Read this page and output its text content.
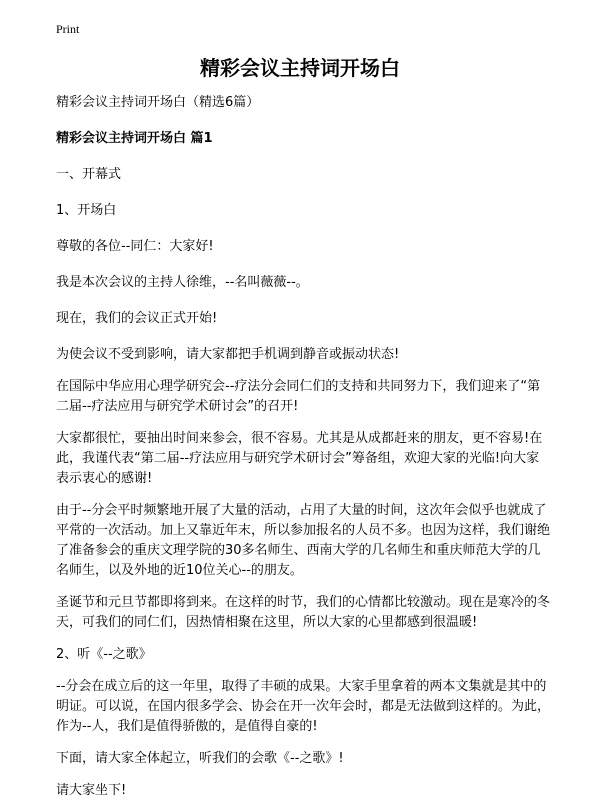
Print
精彩会议主持词开场白

精彩会议主持词开场白（精选6篇）

精彩会议主持词开场白 篇1

一、开幕式

1、开场白

尊敬的各位--同仁：大家好!

我是本次会议的主持人徐维，--名叫薇薇--。

现在，我们的会议正式开始!

为使会议不受到影响，请大家都把手机调到静音或振动状态!

在国际中华应用心理学研究会--疗法分会同仁们的支持和共同努力下，我们迎来了“第二届--疗法应用与研究学术研讨会”的召开!

大家都很忙，要抽出时间来参会，很不容易。尤其是从成都赶来的朋友，更不容易!在此，我谨代表“第二届--疗法应用与研究学术研讨会”筹备组，欢迎大家的光临!向大家表示衷心的感谢!

由于--分会平时频繁地开展了大量的活动，占用了大量的时间，这次年会似乎也就成了平常的一次活动。加上又靠近年末，所以参加报名的人员不多。也因为这样，我们谢绝了准备参会的重庆文理学院的30多名师生、西南大学的几名师生和重庆师范大学的几名师生，以及外地的近10位关心--的朋友。

圣诞节和元旦节都即将到来。在这样的时节，我们的心情都比较激动。现在是寒冷的冬天，可我们的同仁们，因热情相聚在这里，所以大家的心里都感到很温暖!

2、听《--之歌》

--分会在成立后的这一年里，取得了丰硕的成果。大家手里拿着的两本文集就是其中的明证。可以说，在国内很多学会、协会在开一次年会时，都是无法做到这样的。为此，作为--人，我们是值得骄傲的，是值得自豪的!

下面，请大家全体起立，听我们的会歌《--之歌》!

请大家坐下!
